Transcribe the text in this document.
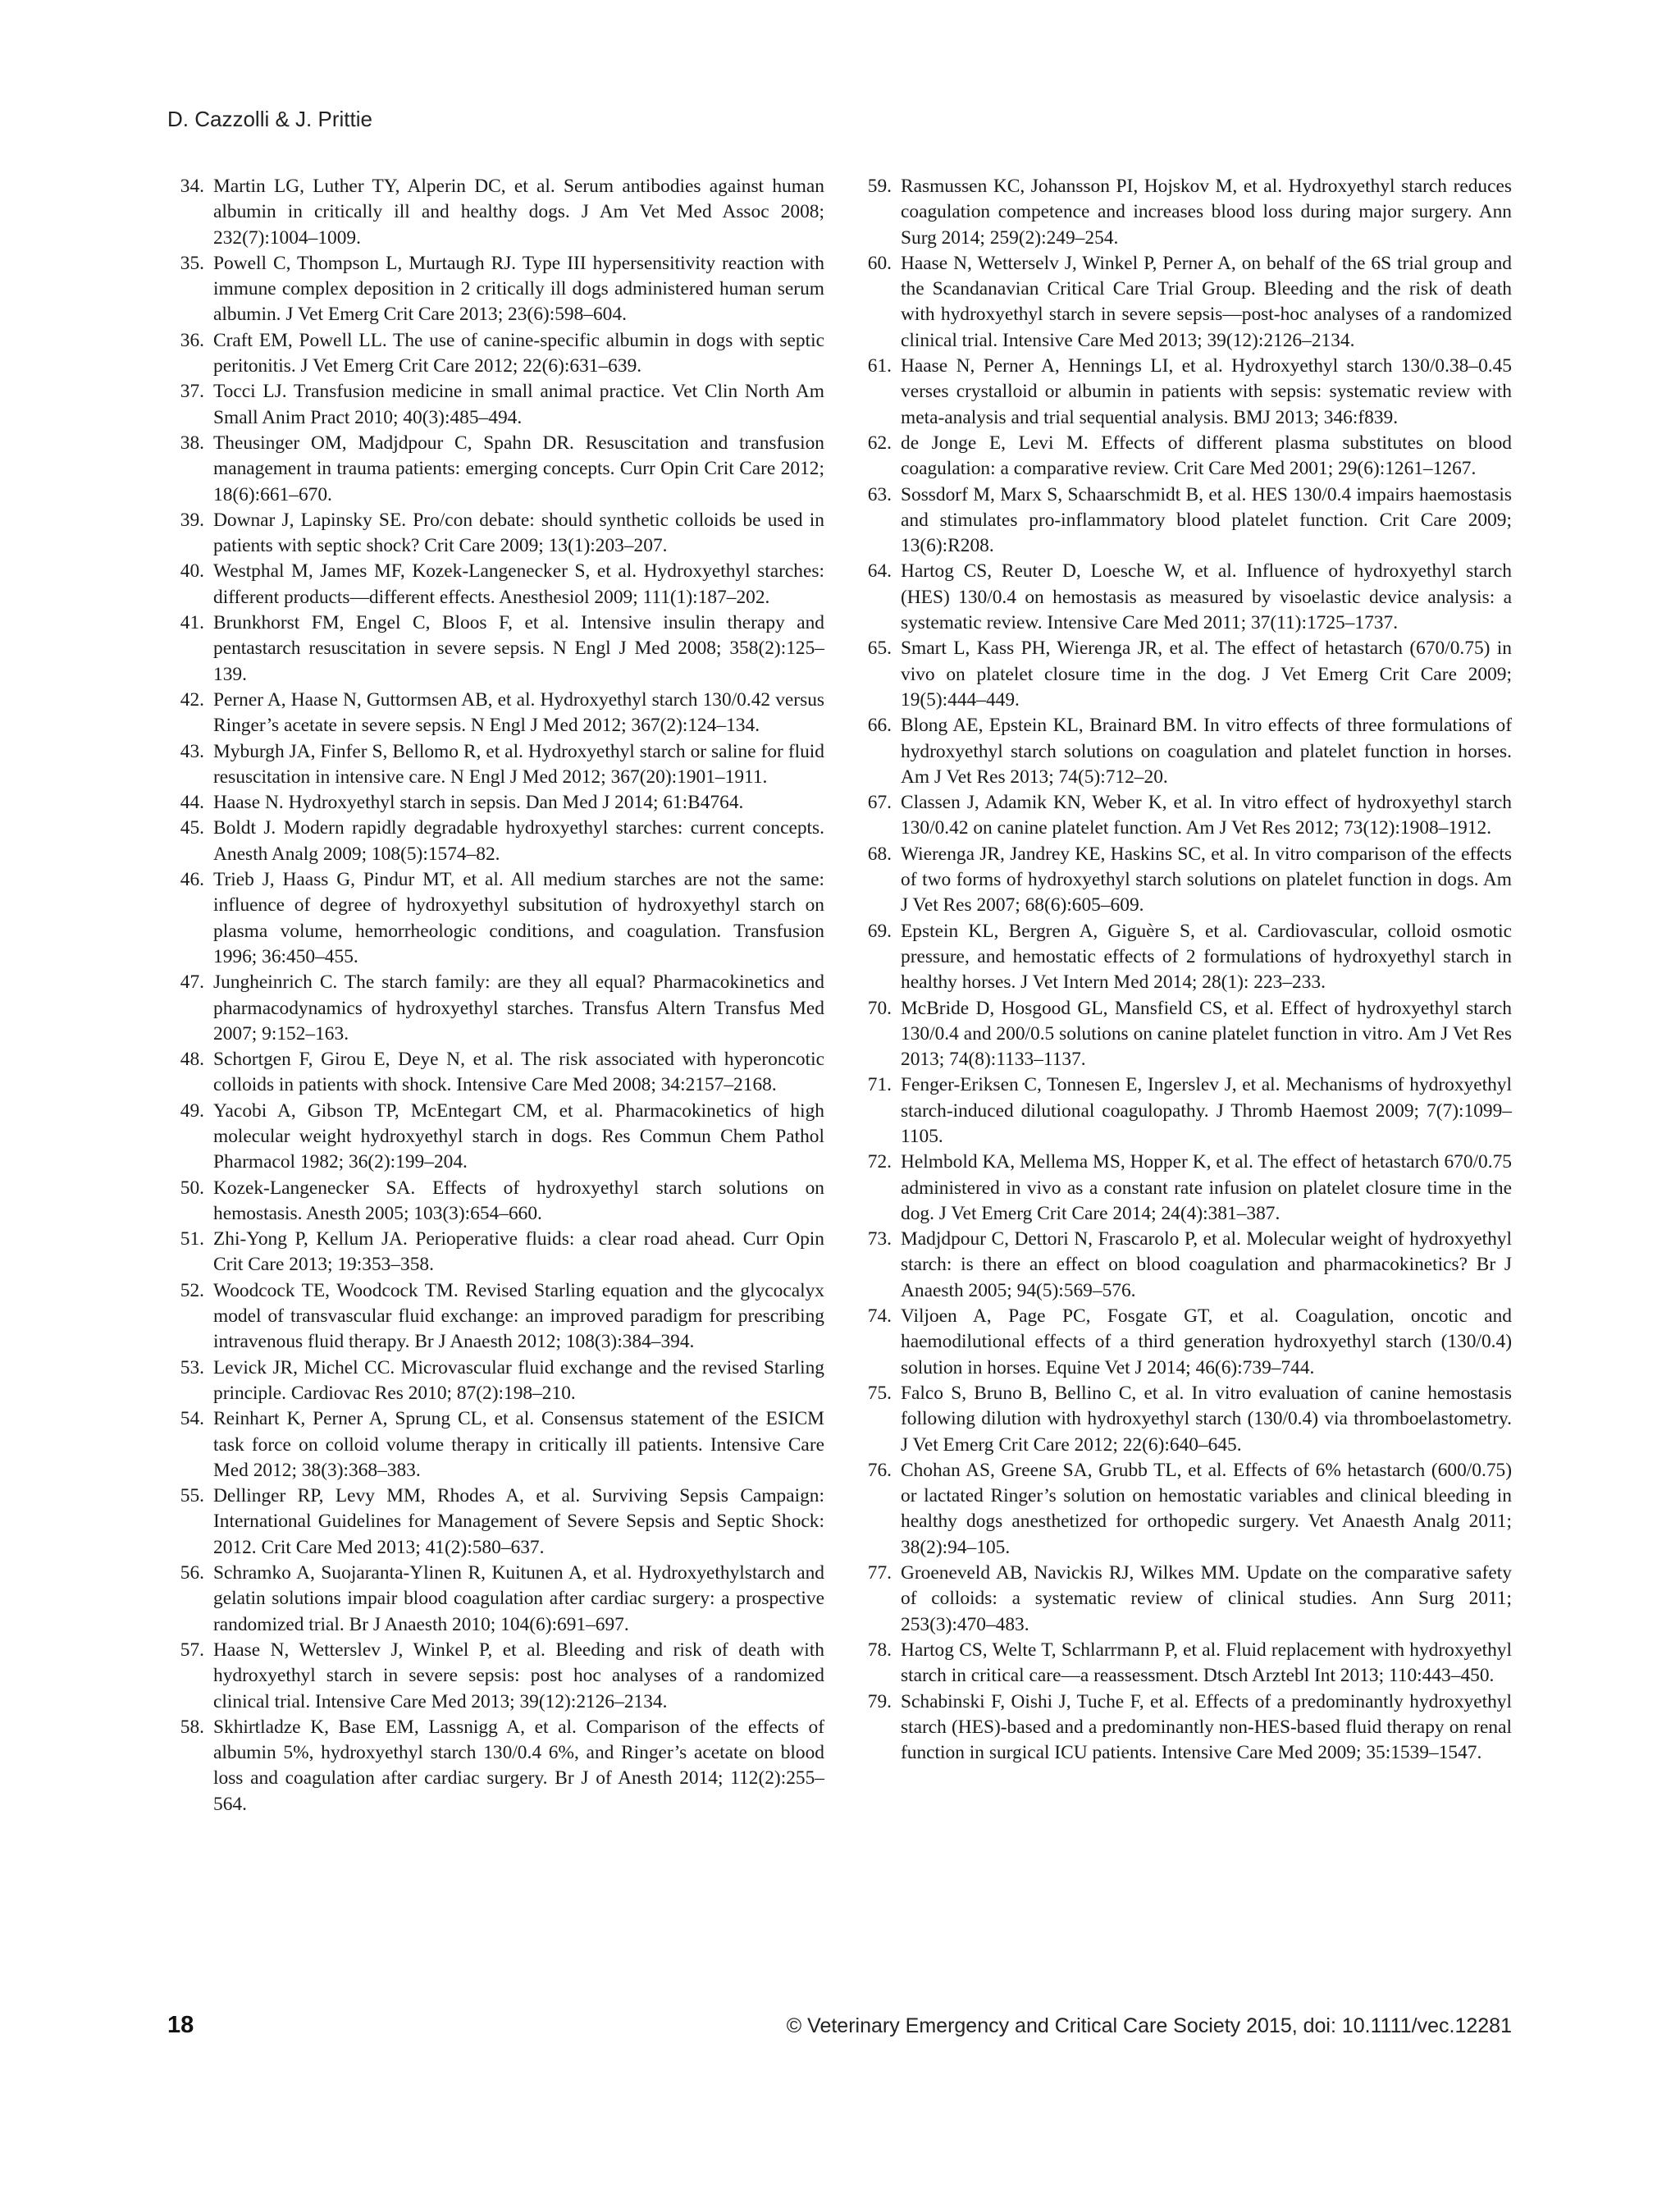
D. Cazzolli & J. Prittie
34. Martin LG, Luther TY, Alperin DC, et al. Serum antibodies against human albumin in critically ill and healthy dogs. J Am Vet Med Assoc 2008; 232(7):1004–1009.
35. Powell C, Thompson L, Murtaugh RJ. Type III hypersensitivity reaction with immune complex deposition in 2 critically ill dogs administered human serum albumin. J Vet Emerg Crit Care 2013; 23(6):598–604.
36. Craft EM, Powell LL. The use of canine-specific albumin in dogs with septic peritonitis. J Vet Emerg Crit Care 2012; 22(6):631–639.
37. Tocci LJ. Transfusion medicine in small animal practice. Vet Clin North Am Small Anim Pract 2010; 40(3):485–494.
38. Theusinger OM, Madjdpour C, Spahn DR. Resuscitation and transfusion management in trauma patients: emerging concepts. Curr Opin Crit Care 2012; 18(6):661–670.
39. Downar J, Lapinsky SE. Pro/con debate: should synthetic colloids be used in patients with septic shock? Crit Care 2009; 13(1):203–207.
40. Westphal M, James MF, Kozek-Langenecker S, et al. Hydroxyethyl starches: different products—different effects. Anesthesiol 2009; 111(1):187–202.
41. Brunkhorst FM, Engel C, Bloos F, et al. Intensive insulin therapy and pentastarch resuscitation in severe sepsis. N Engl J Med 2008; 358(2):125–139.
42. Perner A, Haase N, Guttormsen AB, et al. Hydroxyethyl starch 130/0.42 versus Ringer’s acetate in severe sepsis. N Engl J Med 2012; 367(2):124–134.
43. Myburgh JA, Finfer S, Bellomo R, et al. Hydroxyethyl starch or saline for fluid resuscitation in intensive care. N Engl J Med 2012; 367(20):1901–1911.
44. Haase N. Hydroxyethyl starch in sepsis. Dan Med J 2014; 61:B4764.
45. Boldt J. Modern rapidly degradable hydroxyethyl starches: current concepts. Anesth Analg 2009; 108(5):1574–82.
46. Trieb J, Haass G, Pindur MT, et al. All medium starches are not the same: influence of degree of hydroxyethyl subsitution of hydroxyethyl starch on plasma volume, hemorrheologic conditions, and coagulation. Transfusion 1996; 36:450–455.
47. Jungheinrich C. The starch family: are they all equal? Pharmacokinetics and pharmacodynamics of hydroxyethyl starches. Transfus Altern Transfus Med 2007; 9:152–163.
48. Schortgen F, Girou E, Deye N, et al. The risk associated with hyperoncotic colloids in patients with shock. Intensive Care Med 2008; 34:2157–2168.
49. Yacobi A, Gibson TP, McEntegart CM, et al. Pharmacokinetics of high molecular weight hydroxyethyl starch in dogs. Res Commun Chem Pathol Pharmacol 1982; 36(2):199–204.
50. Kozek-Langenecker SA. Effects of hydroxyethyl starch solutions on hemostasis. Anesth 2005; 103(3):654–660.
51. Zhi-Yong P, Kellum JA. Perioperative fluids: a clear road ahead. Curr Opin Crit Care 2013; 19:353–358.
52. Woodcock TE, Woodcock TM. Revised Starling equation and the glycocalyx model of transvascular fluid exchange: an improved paradigm for prescribing intravenous fluid therapy. Br J Anaesth 2012; 108(3):384–394.
53. Levick JR, Michel CC. Microvascular fluid exchange and the revised Starling principle. Cardiovac Res 2010; 87(2):198–210.
54. Reinhart K, Perner A, Sprung CL, et al. Consensus statement of the ESICM task force on colloid volume therapy in critically ill patients. Intensive Care Med 2012; 38(3):368–383.
55. Dellinger RP, Levy MM, Rhodes A, et al. Surviving Sepsis Campaign: International Guidelines for Management of Severe Sepsis and Septic Shock: 2012. Crit Care Med 2013; 41(2):580–637.
56. Schramko A, Suojaranta-Ylinen R, Kuitunen A, et al. Hydroxyethylstarch and gelatin solutions impair blood coagulation after cardiac surgery: a prospective randomized trial. Br J Anaesth 2010; 104(6):691–697.
57. Haase N, Wetterslev J, Winkel P, et al. Bleeding and risk of death with hydroxyethyl starch in severe sepsis: post hoc analyses of a randomized clinical trial. Intensive Care Med 2013; 39(12):2126–2134.
58. Skhirtladze K, Base EM, Lassnigg A, et al. Comparison of the effects of albumin 5%, hydroxyethyl starch 130/0.4 6%, and Ringer’s acetate on blood loss and coagulation after cardiac surgery. Br J of Anesth 2014; 112(2):255–564.
59. Rasmussen KC, Johansson PI, Hojskov M, et al. Hydroxyethyl starch reduces coagulation competence and increases blood loss during major surgery. Ann Surg 2014; 259(2):249–254.
60. Haase N, Wetterselv J, Winkel P, Perner A, on behalf of the 6S trial group and the Scandanavian Critical Care Trial Group. Bleeding and the risk of death with hydroxyethyl starch in severe sepsis—post-hoc analyses of a randomized clinical trial. Intensive Care Med 2013; 39(12):2126–2134.
61. Haase N, Perner A, Hennings LI, et al. Hydroxyethyl starch 130/0.38–0.45 verses crystalloid or albumin in patients with sepsis: systematic review with meta-analysis and trial sequential analysis. BMJ 2013; 346:f839.
62. de Jonge E, Levi M. Effects of different plasma substitutes on blood coagulation: a comparative review. Crit Care Med 2001; 29(6):1261–1267.
63. Sossdorf M, Marx S, Schaarschmidt B, et al. HES 130/0.4 impairs haemostasis and stimulates pro-inflammatory blood platelet function. Crit Care 2009; 13(6):R208.
64. Hartog CS, Reuter D, Loesche W, et al. Influence of hydroxyethyl starch (HES) 130/0.4 on hemostasis as measured by visoelastic device analysis: a systematic review. Intensive Care Med 2011; 37(11):1725–1737.
65. Smart L, Kass PH, Wierenga JR, et al. The effect of hetastarch (670/0.75) in vivo on platelet closure time in the dog. J Vet Emerg Crit Care 2009; 19(5):444–449.
66. Blong AE, Epstein KL, Brainard BM. In vitro effects of three formulations of hydroxyethyl starch solutions on coagulation and platelet function in horses. Am J Vet Res 2013; 74(5):712–20.
67. Classen J, Adamik KN, Weber K, et al. In vitro effect of hydroxyethyl starch 130/0.42 on canine platelet function. Am J Vet Res 2012; 73(12):1908–1912.
68. Wierenga JR, Jandrey KE, Haskins SC, et al. In vitro comparison of the effects of two forms of hydroxyethyl starch solutions on platelet function in dogs. Am J Vet Res 2007; 68(6):605–609.
69. Epstein KL, Bergren A, Giguère S, et al. Cardiovascular, colloid osmotic pressure, and hemostatic effects of 2 formulations of hydroxyethyl starch in healthy horses. J Vet Intern Med 2014; 28(1): 223–233.
70. McBride D, Hosgood GL, Mansfield CS, et al. Effect of hydroxyethyl starch 130/0.4 and 200/0.5 solutions on canine platelet function in vitro. Am J Vet Res 2013; 74(8):1133–1137.
71. Fenger-Eriksen C, Tonnesen E, Ingerslev J, et al. Mechanisms of hydroxyethyl starch-induced dilutional coagulopathy. J Thromb Haemost 2009; 7(7):1099–1105.
72. Helmbold KA, Mellema MS, Hopper K, et al. The effect of hetastarch 670/0.75 administered in vivo as a constant rate infusion on platelet closure time in the dog. J Vet Emerg Crit Care 2014; 24(4):381–387.
73. Madjdpour C, Dettori N, Frascarolo P, et al. Molecular weight of hydroxyethyl starch: is there an effect on blood coagulation and pharmacokinetics? Br J Anaesth 2005; 94(5):569–576.
74. Viljoen A, Page PC, Fosgate GT, et al. Coagulation, oncotic and haemodilutional effects of a third generation hydroxyethyl starch (130/0.4) solution in horses. Equine Vet J 2014; 46(6):739–744.
75. Falco S, Bruno B, Bellino C, et al. In vitro evaluation of canine hemostasis following dilution with hydroxyethyl starch (130/0.4) via thromboelastometry. J Vet Emerg Crit Care 2012; 22(6):640–645.
76. Chohan AS, Greene SA, Grubb TL, et al. Effects of 6% hetastarch (600/0.75) or lactated Ringer’s solution on hemostatic variables and clinical bleeding in healthy dogs anesthetized for orthopedic surgery. Vet Anaesth Analg 2011; 38(2):94–105.
77. Groeneveld AB, Navickis RJ, Wilkes MM. Update on the comparative safety of colloids: a systematic review of clinical studies. Ann Surg 2011; 253(3):470–483.
78. Hartog CS, Welte T, Schlarrmann P, et al. Fluid replacement with hydroxyethyl starch in critical care—a reassessment. Dtsch Arztebl Int 2013; 110:443–450.
79. Schabinski F, Oishi J, Tuche F, et al. Effects of a predominantly hydroxyethyl starch (HES)-based and a predominantly non-HES-based fluid therapy on renal function in surgical ICU patients. Intensive Care Med 2009; 35:1539–1547.
18	© Veterinary Emergency and Critical Care Society 2015, doi: 10.1111/vec.12281
